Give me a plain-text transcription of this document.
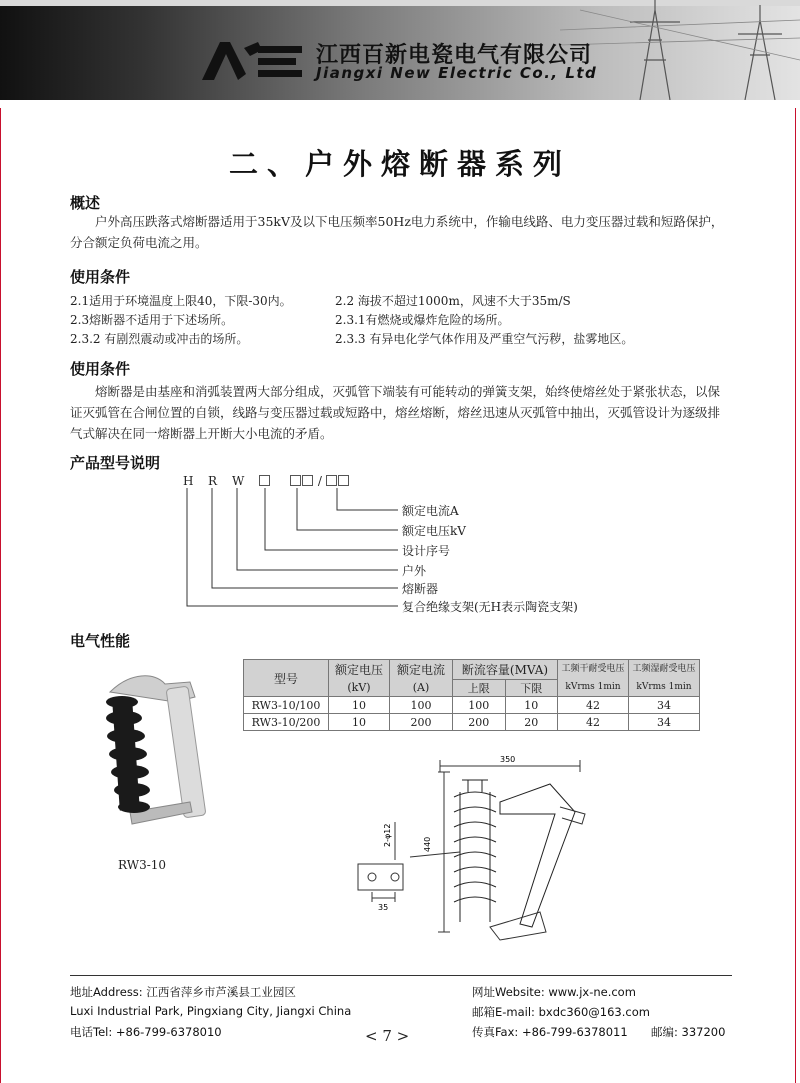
江西百新电瓷电气有限公司
Jiangxi New Electric Co., Ltd
二、户外熔断器系列
概述
户外高压跌落式熔断器适用于35kV及以下电压频率50Hz电力系统中，作输电线路、电力变压器过载和短路保护，分合额定负荷电流之用。
使用条件
2.1适用于环境温度上限40，下限-30内。	2.2 海拔不超过1000m，风速不大于35m/S
2.3熔断器不适用于下述场所。	2.3.1有燃烧或爆炸危险的场所。
2.3.2 有剧烈震动或冲击的场所。	2.3.3 有异电化学气体作用及严重空气污秽，盐雾地区。
使用条件
熔断器是由基座和消弧装置两大部分组成，灭弧管下端装有可能转动的弹簧支架，始终使熔丝处于紧张状态，以保证灭弧管在合闸位置的自锁，线路与变压器过载或短路中，熔丝熔断，熔丝迅速从灭弧管中抽出，灭弧管设计为逐级排气式解决在同一熔断器上开断大小电流的矛盾。
产品型号说明
H R W	/
额定电流A
额定电压kV
设计序号
户外
熔断器
复合绝缘支架(无H表示陶瓷支架)
电气性能
型号	额定电压	额定电流	断流容量(MVA)		工频干耐受电压	工频湿耐受电压
	(kV)	(A)	上限	下限	kVrms 1min	kVrms 1min
RW3-10/100	10	100	100	10	42	34
RW3-10/200	10	200	200	20	42	34
RW3-10
350
440
2-φ12
35
地址Address: 江西省萍乡市芦溪县工业园区
Luxi Industrial Park, Pingxiang City, Jiangxi China
电话Tel: +86-799-6378010
网址Website: www.jx-ne.com
邮箱E-mail: bxdc360@163.com
传真Fax: +86-799-6378011 邮编: 337200
< 7 >
